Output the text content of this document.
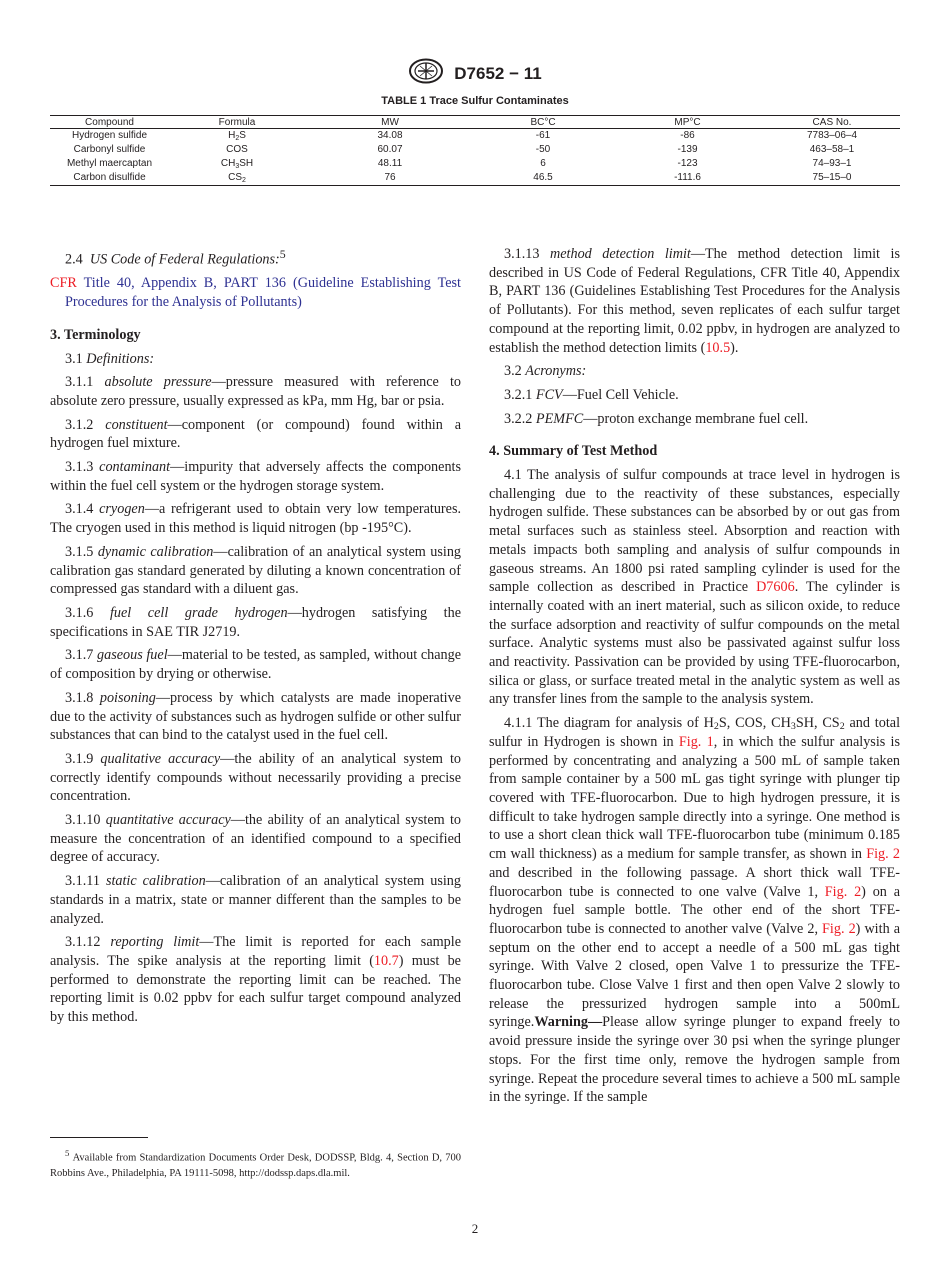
D7652 − 11
TABLE 1 Trace Sulfur Contaminates
Compound	Formula	MW	BC°C	MP°C	CAS No.
Hydrogen sulfide	$H_2S$	34.08	-61	-86	7783–06–4
Carbonyl sulfide	COS	60.07	-50	-139	463–58–1
Methyl maercaptan	$CH_3SH$	48.11	6	-123	74–93–1
Carbon disulfide	$CS_2$	76	46.5	-111.6	75–15–0

2.4 US Code of Federal Regulations:$^5$

CFR Title 40, Appendix B, PART 136 (Guideline Establishing Test Procedures for the Analysis of Pollutants)

3. Terminology

3.1 Definitions:

3.1.1 absolute pressure—pressure measured with reference to absolute zero pressure, usually expressed as kPa, mm Hg, bar or psia.

3.1.2 constituent—component (or compound) found within a hydrogen fuel mixture.

3.1.3 contaminant—impurity that adversely affects the components within the fuel cell system or the hydrogen storage system.

3.1.4 cryogen—a refrigerant used to obtain very low temperatures. The cryogen used in this method is liquid nitrogen (bp -195°C).

3.1.5 dynamic calibration—calibration of an analytical system using calibration gas standard generated by diluting a known concentration of compressed gas standard with a diluent gas.

3.1.6 fuel cell grade hydrogen—hydrogen satisfying the specifications in SAE TIR J2719.

3.1.7 gaseous fuel—material to be tested, as sampled, without change of composition by drying or otherwise.

3.1.8 poisoning—process by which catalysts are made inoperative due to the activity of substances such as hydrogen sulfide or other sulfur substances that can bind to the catalyst used in the fuel cell.

3.1.9 qualitative accuracy—the ability of an analytical system to correctly identify compounds without necessarily providing a precise concentration.

3.1.10 quantitative accuracy—the ability of an analytical system to measure the concentration of an identified compound to a specified degree of accuracy.

3.1.11 static calibration—calibration of an analytical system using standards in a matrix, state or manner different than the samples to be analyzed.

3.1.12 reporting limit—The limit is reported for each sample analysis. The spike analysis at the reporting limit (10.7) must be performed to demonstrate the reporting limit can be reached. The reporting limit is 0.02 ppbv for each sulfur target compound analyzed by this method.

3.1.13 method detection limit—The method detection limit is described in US Code of Federal Regulations, CFR Title 40, Appendix B, PART 136 (Guidelines Establishing Test Procedures for the Analysis of Pollutants). For this method, seven replicates of each sulfur target compound at the reporting limit, 0.02 ppbv, in hydrogen are analyzed to establish the method detection limits (10.5).

3.2 Acronyms:

3.2.1 FCV—Fuel Cell Vehicle.

3.2.2 PEMFC—proton exchange membrane fuel cell.

4. Summary of Test Method

4.1 The analysis of sulfur compounds at trace level in hydrogen is challenging due to the reactivity of these substances, especially hydrogen sulfide. These substances can be absorbed by or out gas from metal surfaces such as stainless steel. Absorption and reaction with metals impacts both sampling and analysis of sulfur compounds in gaseous streams. An 1800 psi rated sampling cylinder is used for the sample collection as described in Practice D7606. The cylinder is internally coated with an inert material, such as silicon oxide, to reduce the surface adsorption and reactivity of sulfur compounds on the metal surface. Analytic systems must also be passivated against sulfur loss and reactivity. Passivation can be provided by using TFE-fluorocarbon, silica or glass, or surface treated metal in the analytic system as well as any transfer lines from the sample to the analysis system.

4.1.1 The diagram for analysis of $H_2S$, COS, $CH_3SH$, $CS_2$ and total sulfur in Hydrogen is shown in Fig. 1, in which the sulfur analysis is performed by concentrating and analyzing a 500 mL of sample taken from sample container by a 500 mL gas tight syringe with plunger tip covered with TFE-fluorocarbon. Due to high hydrogen pressure, it is difficult to take hydrogen sample directly into a syringe. One method is to use a short clean thick wall TFE-fluorocarbon tube (minimum 0.185 cm wall thickness) as a medium for sample transfer, as shown in Fig. 2 and described in the following passage. A short thick wall TFE-fluorocarbon tube is connected to one valve (Valve 1, Fig. 2) on a hydrogen fuel sample bottle. The other end of the short TFE-fluorocarbon tube is connected to another valve (Valve 2, Fig. 2) with a septum on the other end to accept a needle of a 500 mL gas tight syringe. With Valve 2 closed, open Valve 1 to pressurize the TFE-fluorocarbon tube. Close Valve 1 first and then open Valve 2 slowly to release the pressurized hydrogen sample into a 500mL syringe.Warning—Please allow syringe plunger to expand freely to avoid pressure inside the syringe over 30 psi when the syringe plunger stops. For the first time only, remove the hydrogen sample from syringe. Repeat the procedure several times to achieve a 500 mL sample in the syringe. If the sample

$^5$ Available from Standardization Documents Order Desk, DODSSP, Bldg. 4, Section D, 700 Robbins Ave., Philadelphia, PA 19111-5098, http://dodssp.daps.dla.mil.
2
